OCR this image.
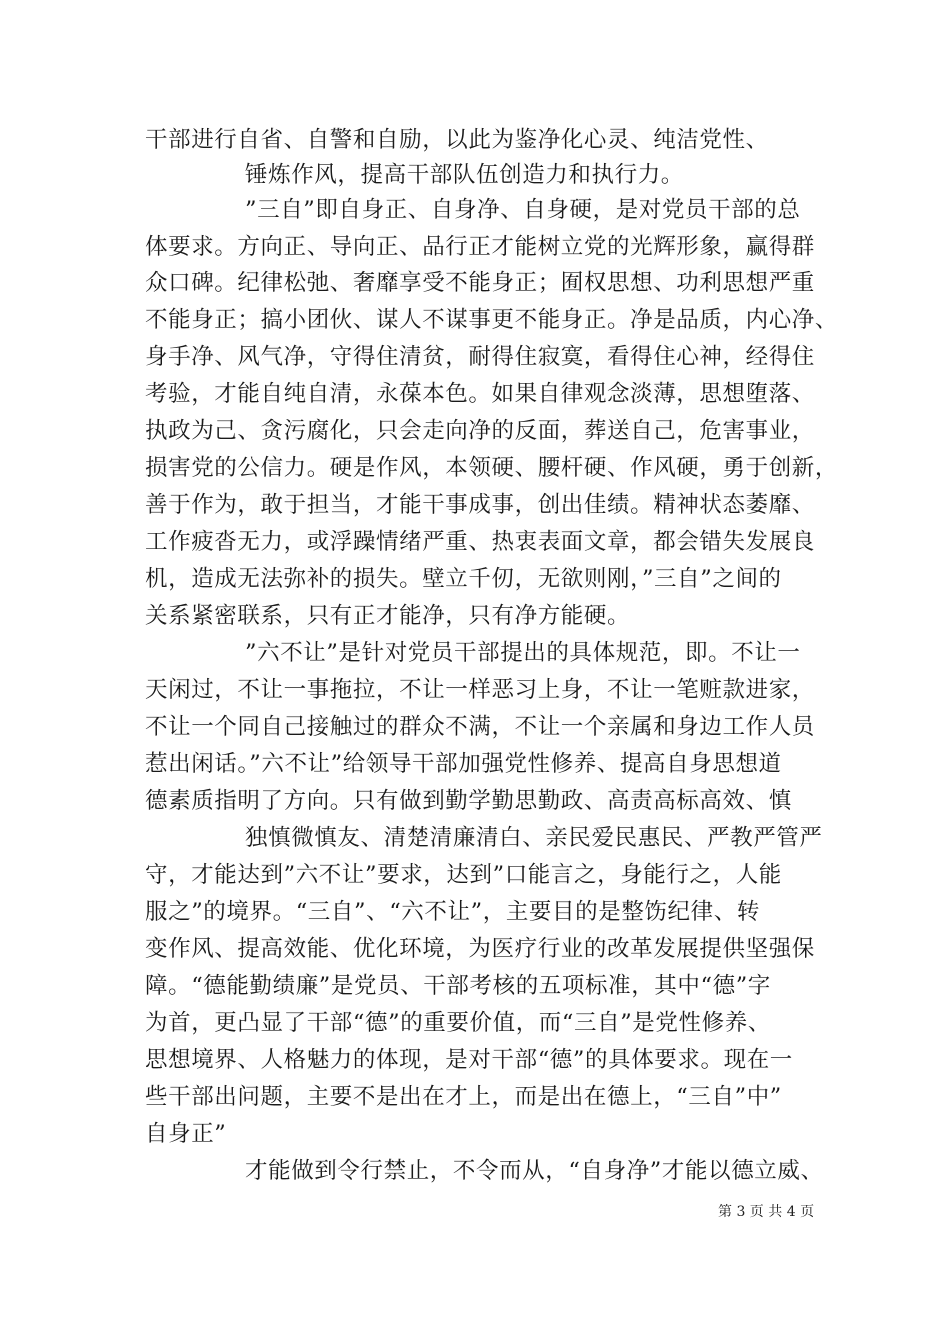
干部进行自省、自警和自励，以此为鉴净化心灵、纯洁党性、
锤炼作风，提高干部队伍创造力和执行力。
”三自”即自身正、自身净、自身硬，是对党员干部的总
体要求。方向正、导向正、品行正才能树立党的光辉形象，赢得群
众口碑。纪律松弛、奢靡享受不能身正；囿权思想、功利思想严重
不能身正；搞小团伙、谋人不谋事更不能身正。净是品质，内心净、
身手净、风气净，守得住清贫，耐得住寂寞，看得住心神，经得住
考验，才能自纯自清，永葆本色。如果自律观念淡薄，思想堕落、
执政为己、贪污腐化，只会走向净的反面，葬送自己，危害事业，
损害党的公信力。硬是作风，本领硬、腰杆硬、作风硬，勇于创新，
善于作为，敢于担当，才能干事成事，创出佳绩。精神状态萎靡、
工作疲沓无力，或浮躁情绪严重、热衷表面文章，都会错失发展良
机，造成无法弥补的损失。壁立千仞，无欲则刚，”三自”之间的
关系紧密联系，只有正才能净，只有净方能硬。
”六不让”是针对党员干部提出的具体规范，即。不让一
天闲过，不让一事拖拉，不让一样恶习上身，不让一笔赃款进家，
不让一个同自己接触过的群众不满，不让一个亲属和身边工作人员
惹出闲话。”六不让”给领导干部加强党性修养、提高自身思想道
德素质指明了方向。只有做到勤学勤思勤政、高责高标高效、慎
独慎微慎友、清楚清廉清白、亲民爱民惠民、严教严管严
守，才能达到”六不让”要求，达到”口能言之，身能行之，人能
服之”的境界。“三自”、“六不让”，主要目的是整饬纪律、转
变作风、提高效能、优化环境，为医疗行业的改革发展提供坚强保
障。“德能勤绩廉”是党员、干部考核的五项标准，其中“德”字
为首，更凸显了干部“德”的重要价值，而“三自”是党性修养、
思想境界、人格魅力的体现，是对干部“德”的具体要求。现在一
些干部出问题，主要不是出在才上，而是出在德上，“三自”中”
自身正”
才能做到令行禁止，不令而从，“自身净”才能以德立威、
第 3 页 共 4 页
